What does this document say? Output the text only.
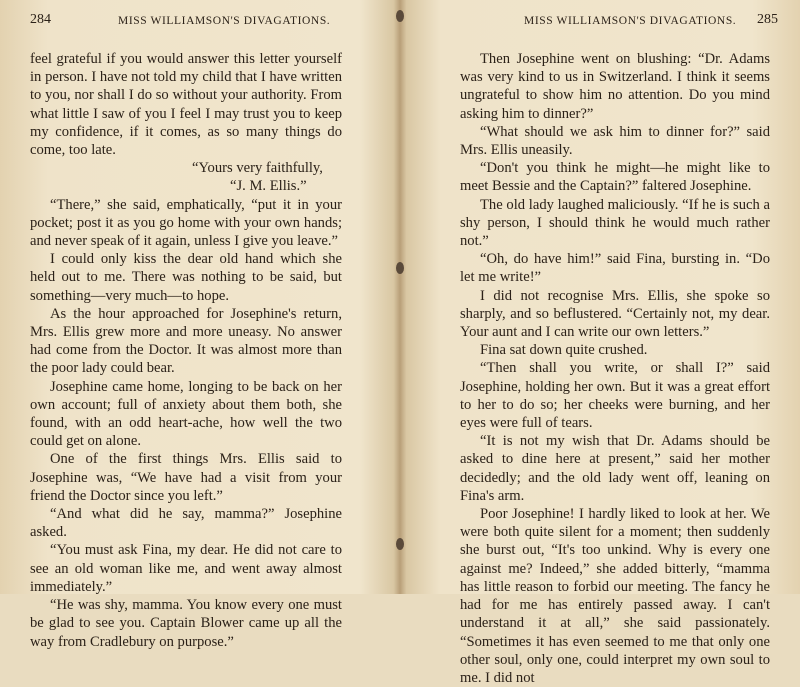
284	MISS WILLIAMSON'S DIVAGATIONS.

feel grateful if you would answer this letter yourself in person. I have not told my child that I have written to you, nor shall I do so without your authority. From what little I saw of you I feel I may trust you to keep my confidence, if it comes, as so many things do come, too late.

“Yours very faithfully,

“J. M. Ellis.”

“There,” she said, emphatically, “put it in your pocket; post it as you go home with your own hands; and never speak of it again, unless I give you leave.”

I could only kiss the dear old hand which she held out to me. There was nothing to be said, but something—very much—to hope.

As the hour approached for Josephine's return, Mrs. Ellis grew more and more uneasy. No answer had come from the Doctor. It was almost more than the poor lady could bear.

Josephine came home, longing to be back on her own account; full of anxiety about them both, she found, with an odd heart-ache, how well the two could get on alone.

One of the first things Mrs. Ellis said to Josephine was, “We have had a visit from your friend the Doctor since you left.”

“And what did he say, mamma?” Josephine asked.

“You must ask Fina, my dear. He did not care to see an old woman like me, and went away almost immediately.”

“He was shy, mamma. You know every one must be glad to see you. Captain Blower came up all the way from Cradlebury on purpose.”

285
MISS WILLIAMSON'S DIVAGATIONS.

Then Josephine went on blushing: “Dr. Adams was very kind to us in Switzerland. I think it seems ungrateful to show him no attention. Do you mind asking him to dinner?”

“What should we ask him to dinner for?” said Mrs. Ellis uneasily.

“Don't you think he might—he might like to meet Bessie and the Captain?” faltered Josephine.

The old lady laughed maliciously. “If he is such a shy person, I should think he would much rather not.”

“Oh, do have him!” said Fina, bursting in. “Do let me write!”

I did not recognise Mrs. Ellis, she spoke so sharply, and so beflustered. “Certainly not, my dear. Your aunt and I can write our own letters.”

Fina sat down quite crushed.

“Then shall you write, or shall I?” said Josephine, holding her own. But it was a great effort to her to do so; her cheeks were burning, and her eyes were full of tears.

“It is not my wish that Dr. Adams should be asked to dine here at present,” said her mother decidedly; and the old lady went off, leaning on Fina's arm.

Poor Josephine! I hardly liked to look at her. We were both quite silent for a moment; then suddenly she burst out, “It's too unkind. Why is every one against me? Indeed,” she added bitterly, “mamma has little reason to forbid our meeting. The fancy he had for me has entirely passed away. I can't understand it at all,” she said passionately. “Sometimes it has even seemed to me that only one other soul, only one, could interpret my own soul to me. I did not
